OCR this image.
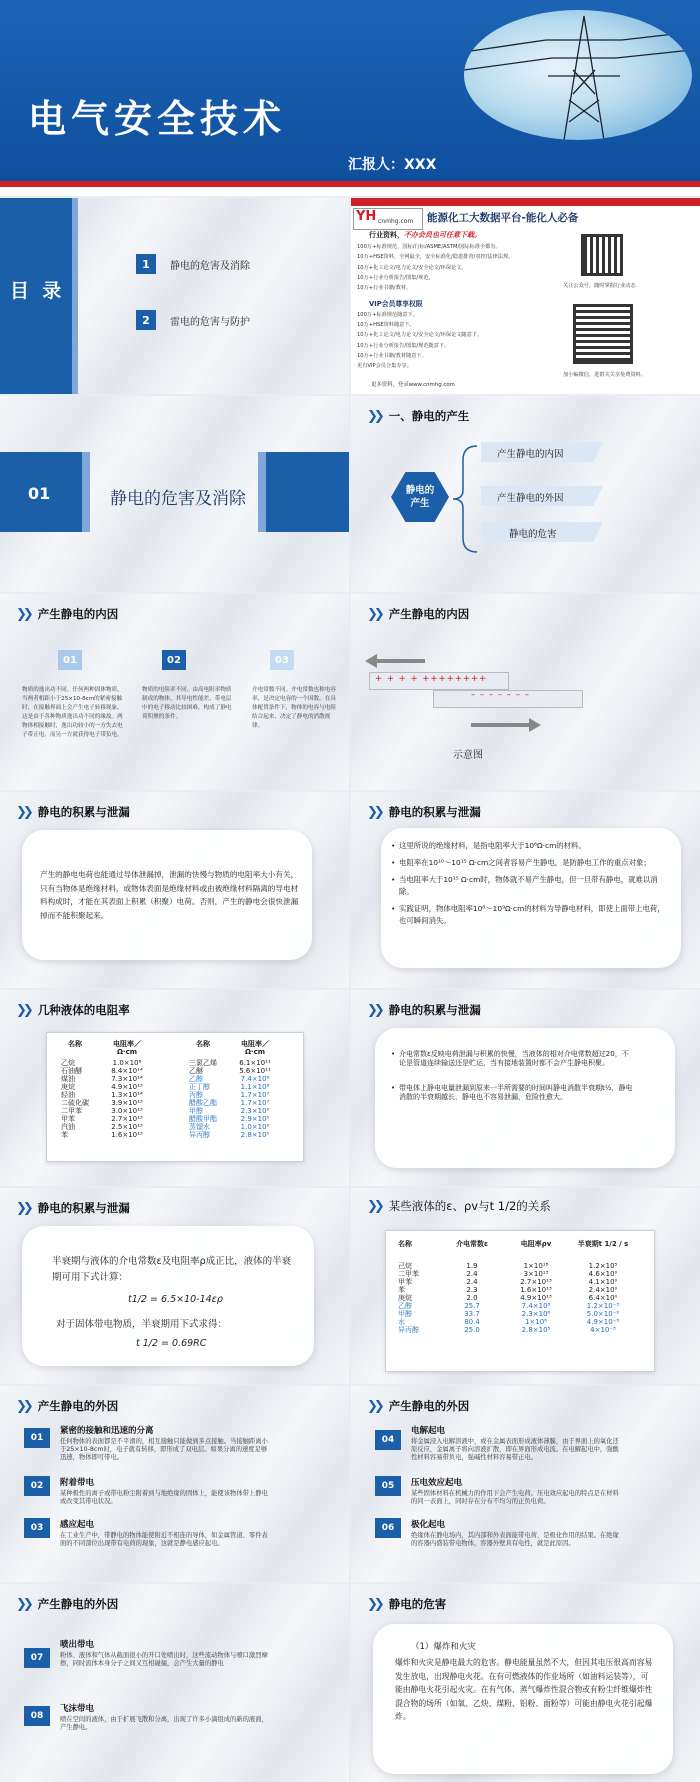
电气安全技术
汇报人：XXX
目  录
1	静电的危害及消除
2	雷电的危害与防护
YH cnmhg.com 能源化工大数据平台-能化人必备
行业资料，不办会员也可任意下载。
100万+标准规范、国标/行标/ASME/ASTM/国际标准全都有。
10万+HSE资料，全网最全，安全标准化/隐患排查/双控/法律法规。
10万+化工论文/电力论文/安全论文/环保论文。
10万+行业分析报告/图集/规范。
10万+行业书籍/教材。
VIP会员尊享权限
100万+标准规范随意下。
10万+HSE资料随意下。
10万+化工论文/电力论文/安全论文/环保论文随意下。
10万+行业分析报告/图集/规范随意下。
10万+行业书籍/教材随意下。
更有VIP会员合集专享。
更多资料，登录www.cnmhg.com
关注公众号，随时掌握行业动态
加小编微信，进群关关享免费资料。
01	静电的危害及消除
❯❯ 一、静电的产生
静电的
产生
产生静电的内因
产生静电的外因
静电的危害
❯❯ 产生静电的内因
01	02	03
物质的逸出功不同。任何两种固体物质，当两者相距小于25×10-8cm的紧密接触时，在接触界面上会产生电子转移现象，这是由于各种物质逸出功不同的缘故。两物体相接触时，逸出功较小的一方失去电子带正电，而另一方就获得电子带负电。
物质的电阻率不同。由高电阻率物质制成的物体，其导电性能差，带电层中的电子移动比较困难，构成了静电荷积聚的条件。
介电常数不同。介电常数也称电容率，是决定电容的一个因数。在具体配置条件下，物体的电容与电阻结合起来，决定了静电的消散规律。
❯❯ 产生静电的内因
+ + + + ++++++++
– – – – – – –
示意图
❯❯ 静电的积累与泄漏
产生的静电电荷也能通过导体泄漏掉，泄漏的快慢与物质的电阻率大小有关，只有当物体是绝缘材料，或物体表面是绝缘材料或由被绝缘材料隔离的导电材料构成时，才能在其表面上积累（积聚）电荷。否则，产生的静电会很快泄漏掉而不能积聚起来。
❯❯ 静电的积累与泄漏
• 这里所说的绝缘材料，是指电阻率大于10⁶Ω·cm的材料。
• 电阻率在10¹⁰～10¹⁵ Ω·cm之间者容易产生静电，是防静电工作的重点对象；
• 当电阻率大于10¹⁵ Ω·cm时，物体就不易产生静电，但一旦带有静电，就难以消除。
• 实践证明，物体电阻率10⁸～10⁹Ω·cm的材料为导静电材料，即使上面带上电荷，也可瞬间消失。
❯❯ 几种液体的电阻率
名称	电阻率／
Ω·cm
乙烷	1.0×10⁸
石油醚	8.4×10¹⁴
煤油	7.3×10¹⁴
庚烷	4.9×10¹³
轻油	1.3×10¹⁴
二硫化碳	3.9×10¹³
二甲苯	3.0×10¹³
甲苯	2.7×10¹³
汽油	2.5×10¹³
苯	1.6×10¹³
名称	电阻率／
Ω·cm
三氯乙烯	6.1×10¹¹
乙醚	5.6×10¹¹
乙醇	7.4×10⁸
正丁醇	1.1×10⁸
丙醇	1.7×10⁷
醋酸乙酯	1.7×10⁷
甲醇	2.3×10⁶
醋酸甲酯	2.9×10⁵
蒸馏水	1.0×10⁶
异丙醇	2.8×10⁵
❯❯ 静电的积累与泄漏
• 介电常数ε反映电荷泄漏与积累的快慢，当液体的相对介电常数超过20，不论是管道连续输送还是贮运，当有接地装置时都不会产生静电积聚。
• 带电体上静电电量泄漏到原来一半所需要的时间叫静电消散半衰期t½，静电消散的半衰期越长，静电也不容易泄漏，危险性愈大。
❯❯ 静电的积累与泄漏
半衰期与液体的介电常数ε及电阻率ρ成正比，液体的半衰期可用下式计算：
t1/2 = 6.5×10-14ερ
对于固体带电物质，半衰期用下式求得：
t 1/2 = 0.69RC
❯❯ 某些液体的ε、ρv与t 1/2的关系
名称	介电常数ε	电阻率ρv	半衰期t 1/2 / s
己烷	1.9	1×10¹⁸	1.2×10⁵
二甲苯	2.4	3×10¹³	4.6×10⁰
甲苯	2.4	2.7×10¹³	4.1×10⁰
苯	2.3	1.6×10¹³	2.4×10⁰
庚烷	2.0	4.9×10¹³	6.4×10⁰
乙醇	25.7	7.4×10⁸	1.2×10⁻³
甲醇	33.7	2.3×10⁶	5.0×10⁻⁶
水	80.4	1×10⁶	4.9×10⁻⁸
异丙醇	25.0	2.8×10⁵	4×10⁻³
❯❯ 产生静电的外因
01
紧密的接触和迅速的分离
任何物体的表面都是不平滑的，相互接触只能做到多点接触。当接触距离小于25×10-8cm时，电子就有转移，即形成了双电层。如果分离的速度足够迅速，物体即可带电。
02	附着带电
某种极性的离子或带电粉尘附着到与地绝缘的固体上，能使该物体带上静电或改变其带电状况。
03	感应起电
在工业生产中，带静电的物体能使附近不相连的导体，如金属管道、零件表面的不同部位出现带有电荷的现象，这就是静电感应起电。
❯❯ 产生静电的外因
04
电解起电
将金属浸入电解溶液中，或在金属表面形成液体薄膜，由于界面上的氧化还原反应，金属离子将向溶液扩散，即在界面形成电流。在电解起电中，强酸性材料容易带负电，强碱性材料容易带正电。
05	压电效应起电
某些固体材料在机械力的作用下会产生电荷。压电效应起电的特点是在材料的同一表面上，同时存在分布不均匀的正负电荷。
06	极化起电
绝缘体在静电场内，其内部和外表面能带电荷，是极化作用的结果。在绝缘的容器内盛装带电物体，容器外壁具有电性，就是此原因。
❯❯ 产生静电的外因
07
喷出带电
粉体、液体和气体从截面很小的开口处喷出时，这些流动物体与喷口激烈摩擦，同时流体本身分子之间又互相碰撞，会产生大量的静电
08
飞沫带电
喷在空间的液体，由于扩展飞散和分离，出现了许多小滴组成的新的液面，产生静电。
❯❯ 静电的危害
（1）爆炸和火灾
爆炸和火灾是静电最大的危害。静电能量虽然不大，但因其电压很高而容易发生放电，出现静电火花。在有可燃液体的作业场所（如油料运装等），可能由静电火花引起火灾。在有气体、蒸气爆炸性混合物或有粉尘纤维爆炸性混合物的场所（如氧、乙炔、煤粉、铝粉、面粉等）可能由静电火花引起爆炸。
